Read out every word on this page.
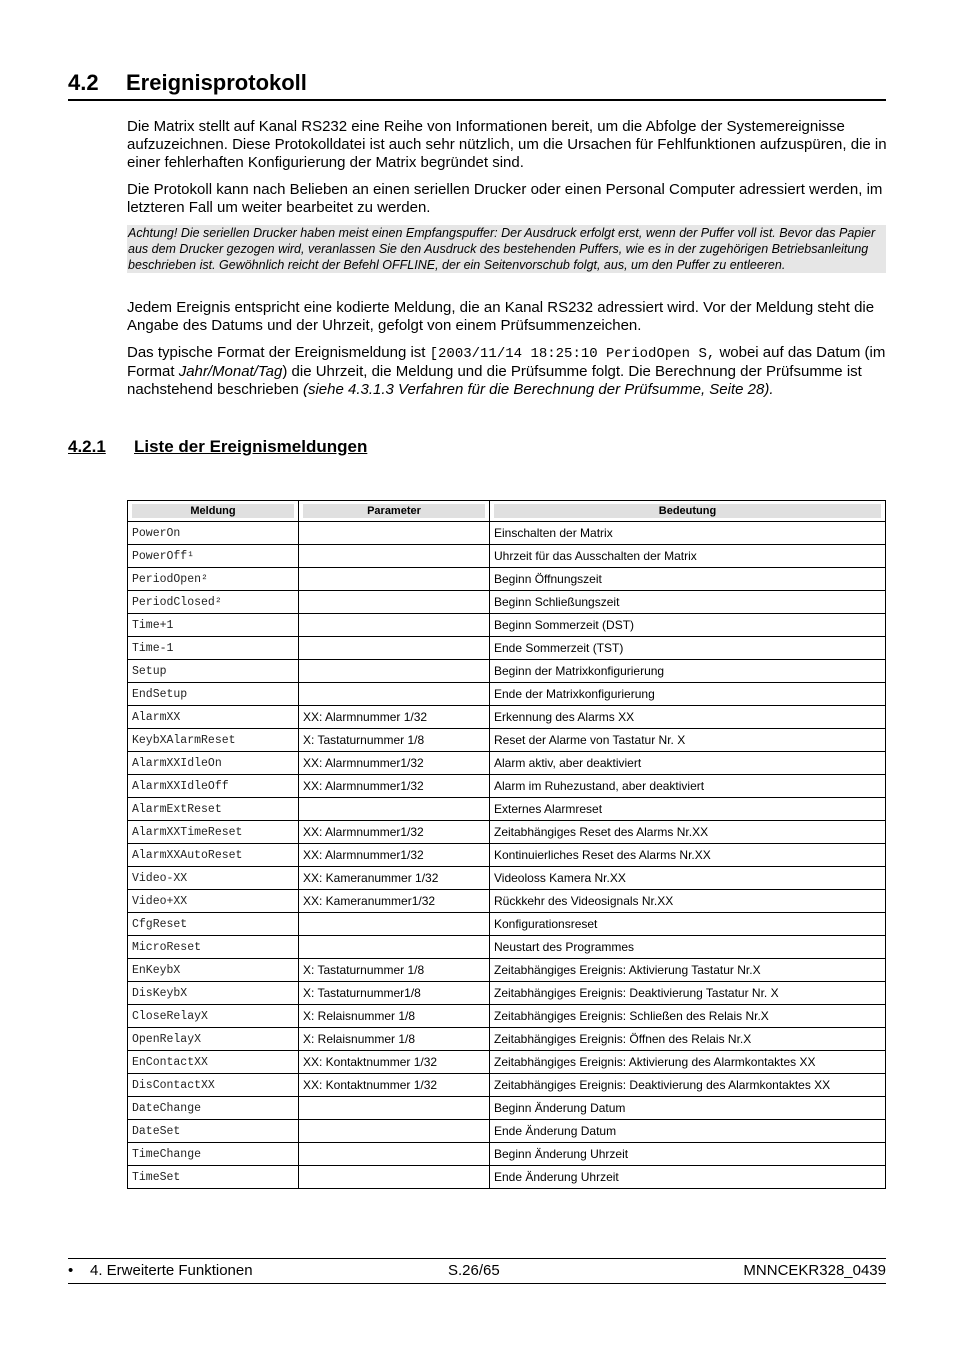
4.2 Ereignisprotokoll
Die Matrix stellt auf Kanal RS232 eine Reihe von Informationen bereit, um die Abfolge der Systemereignisse aufzuzeichnen. Diese Protokolldatei ist auch sehr nützlich, um die Ursachen für Fehlfunktionen aufzuspüren, die in einer fehlerhaften Konfigurierung der Matrix begründet sind.
Die Protokoll kann nach Belieben an einen seriellen Drucker oder einen Personal Computer adressiert werden, im letzteren Fall um weiter bearbeitet zu werden.
Achtung! Die seriellen Drucker haben meist einen Empfangspuffer: Der Ausdruck erfolgt erst, wenn der Puffer voll ist. Bevor das Papier aus dem Drucker gezogen wird, veranlassen Sie den Ausdruck des bestehenden Puffers, wie es in der zugehörigen Betriebsanleitung beschrieben ist. Gewöhnlich reicht der Befehl OFFLINE, der ein Seitenvorschub folgt, aus, um den Puffer zu entleeren.
Jedem Ereignis entspricht eine kodierte Meldung, die an Kanal RS232 adressiert wird. Vor der Meldung steht die Angabe des Datums und der Uhrzeit, gefolgt von einem Prüfsummenzeichen.
Das typische Format der Ereignismeldung ist [2003/11/14 18:25:10 PeriodOpen S, wobei auf das Datum (im Format Jahr/Monat/Tag) die Uhrzeit, die Meldung und die Prüfsumme folgt. Die Berechnung der Prüfsumme ist nachstehend beschrieben (siehe 4.3.1.3 Verfahren für die Berechnung der Prüfsumme, Seite 28).
4.2.1 Liste der Ereignismeldungen
Meldung	Parameter	Bedeutung

PowerOn		Einschalten der Matrix
PowerOff¹		Uhrzeit für das Ausschalten der Matrix
PeriodOpen²		Beginn Öffnungszeit
PeriodClosed²		Beginn Schließungszeit
Time+1		Beginn Sommerzeit (DST)
Time-1		Ende Sommerzeit (TST)
Setup		Beginn der Matrixkonfigurierung
EndSetup		Ende der Matrixkonfigurierung
AlarmXX	XX: Alarmnummer 1/32	Erkennung des Alarms XX
KeybXAlarmReset	X: Tastaturnummer 1/8	Reset der Alarme von Tastatur Nr. X
AlarmXXIdleOn	XX: Alarmnummer1/32	Alarm aktiv, aber deaktiviert
AlarmXXIdleOff	XX: Alarmnummer1/32	Alarm im Ruhezustand, aber deaktiviert
AlarmExtReset		Externes Alarmreset
AlarmXXTimeReset	XX: Alarmnummer1/32	Zeitabhängiges Reset des Alarms Nr.XX
AlarmXXAutoReset	XX: Alarmnummer1/32	Kontinuierliches Reset des Alarms Nr.XX
Video-XX	XX: Kameranummer 1/32	Videoloss Kamera Nr.XX
Video+XX	XX: Kameranummer1/32	Rückkehr des Videosignals Nr.XX
CfgReset		Konfigurationsreset
MicroReset		Neustart des Programmes
EnKeybX	X: Tastaturnummer 1/8	Zeitabhängiges Ereignis: Aktivierung Tastatur Nr.X
DisKeybX	X: Tastaturnummer1/8	Zeitabhängiges Ereignis: Deaktivierung Tastatur Nr. X
CloseRelayX	X: Relaisnummer 1/8	Zeitabhängiges Ereignis: Schließen des Relais Nr.X
OpenRelayX	X: Relaisnummer 1/8	Zeitabhängiges Ereignis: Öffnen des Relais Nr.X
EnContactXX	XX: Kontaktnummer 1/32	Zeitabhängiges Ereignis: Aktivierung des Alarmkontaktes XX
DisContactXX	XX: Kontaktnummer 1/32	Zeitabhängiges Ereignis: Deaktivierung des Alarmkontaktes XX
DateChange		Beginn Änderung Datum
DateSet		Ende Änderung Datum
TimeChange		Beginn Änderung Uhrzeit
TimeSet		Ende Änderung Uhrzeit
• 4. Erweiterte Funktionen	S.26/65	MNNCEKR328_0439
